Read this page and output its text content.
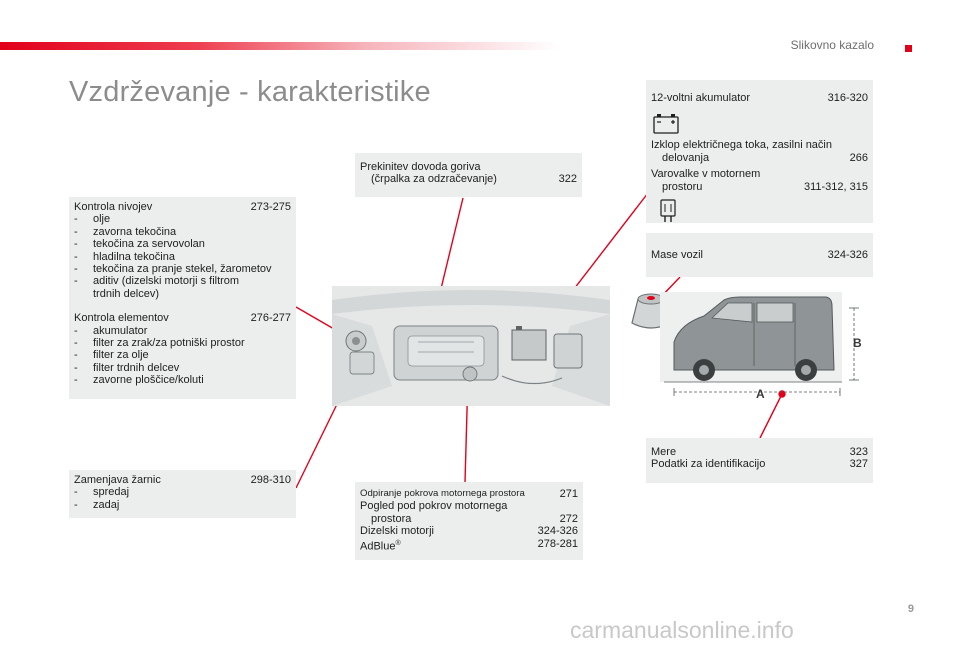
Slikovno kazalo
Vzdrževanje - karakteristike
Kontrola nivojev	273-275
- olje
- zavorna tekočina
- tekočina za servovolan
- hladilna tekočina
- tekočina za pranje stekel, žarometov
- aditiv (dizelski motorji s filtrom trdnih delcev)
Kontrola elementov	276-277
- akumulator
- filter za zrak/za potniški prostor
- filter za olje
- filter trdnih delcev
- zavorne ploščice/koluti
Zamenjava žarnic	298-310
- spredaj
- zadaj
Prekinitev dovoda goriva
(črpalka za odzračevanje)	322
Odpiranje pokrova motornega prostora	271
Pogled pod pokrov motornega
prostora	272
Dizelski motorji	324-326
AdBlue®	278-281
12-voltni akumulator	316-320
Izklop električnega toka, zasilni način
delovanja	266
Varovalke v motornem
prostoru	311-312, 315
Mase vozil	324-326
Mere	323
Podatki za identifikacijo	327
A
B
9
carmanualsonline.info
